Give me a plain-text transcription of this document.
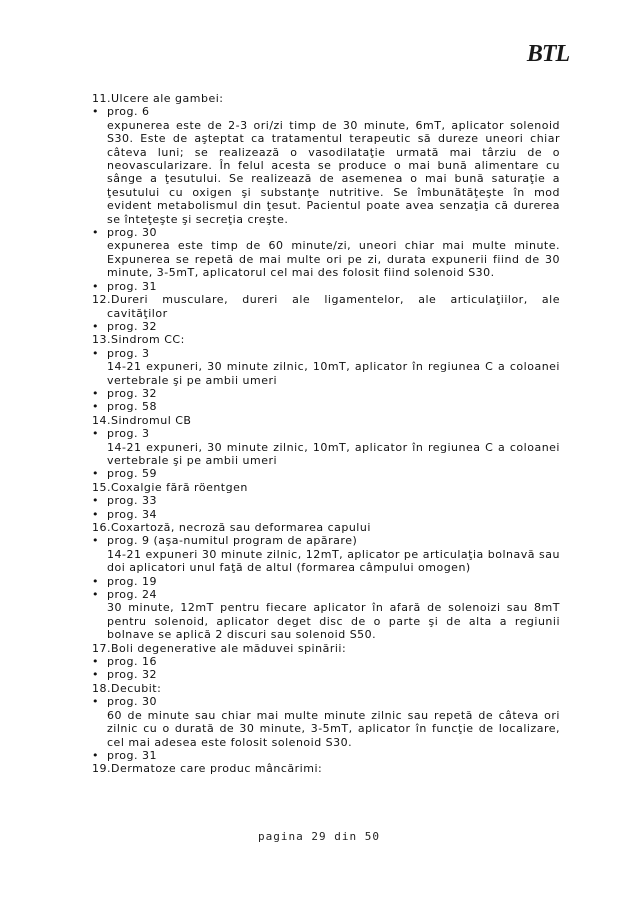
BTL
11.Ulcere ale gambei:
• prog. 6
expunerea este de 2-3 ori/zi timp de 30 minute, 6mT, aplicator solenoid S30. Este de aşteptat ca tratamentul terapeutic să dureze uneori chiar câteva luni; se realizează o vasodilataţie urmată mai târziu de o neovascularizare. În felul acesta se produce o mai bună alimentare cu sânge a ţesutului. Se realizează de asemenea o mai bună saturaţie a ţesutului cu oxigen şi substanţe nutritive. Se îmbunătăţeşte în mod evident metabolismul din ţesut. Pacientul poate avea senzaţia că durerea se înteţeşte şi secreţia creşte.
• prog. 30
expunerea este timp de 60 minute/zi, uneori chiar mai multe minute. Expunerea se repetă de mai multe ori pe zi, durata expunerii fiind de 30 minute, 3-5mT, aplicatorul cel mai des folosit fiind solenoid S30.
• prog. 31
12.Dureri musculare, dureri ale ligamentelor, ale articulaţiilor, ale
cavităţilor
• prog. 32
13.Sindrom CC:
• prog. 3
14-21 expuneri, 30 minute zilnic, 10mT, aplicator în regiunea C a coloanei vertebrale şi pe ambii umeri
• prog. 32
• prog. 58
14.Sindromul CB
• prog. 3
14-21 expuneri, 30 minute zilnic, 10mT, aplicator în regiunea C a coloanei vertebrale şi pe ambii umeri
• prog. 59
15.Coxalgie fără röentgen
• prog. 33
• prog. 34
16.Coxartoză, necroză sau deformarea capului
• prog. 9 (aşa-numitul program de apărare)
14-21 expuneri 30 minute zilnic, 12mT, aplicator pe articulaţia bolnavă sau doi aplicatori unul faţă de altul (formarea câmpului omogen)
• prog. 19
• prog. 24
30 minute, 12mT pentru fiecare aplicator în afară de solenoizi sau 8mT pentru solenoid, aplicator deget disc de o parte şi de alta a regiunii bolnave se aplică 2 discuri sau solenoid S50.
17.Boli degenerative ale măduvei spinării:
• prog. 16
• prog. 32
18.Decubit:
• prog. 30
60 de minute sau chiar mai multe minute zilnic sau repetă de câteva ori zilnic cu o durată de 30 minute, 3-5mT, aplicator în funcţie de localizare, cel mai adesea este folosit solenoid S30.
• prog. 31
19.Dermatoze care produc mâncărimi:
pagina 29 din 50
